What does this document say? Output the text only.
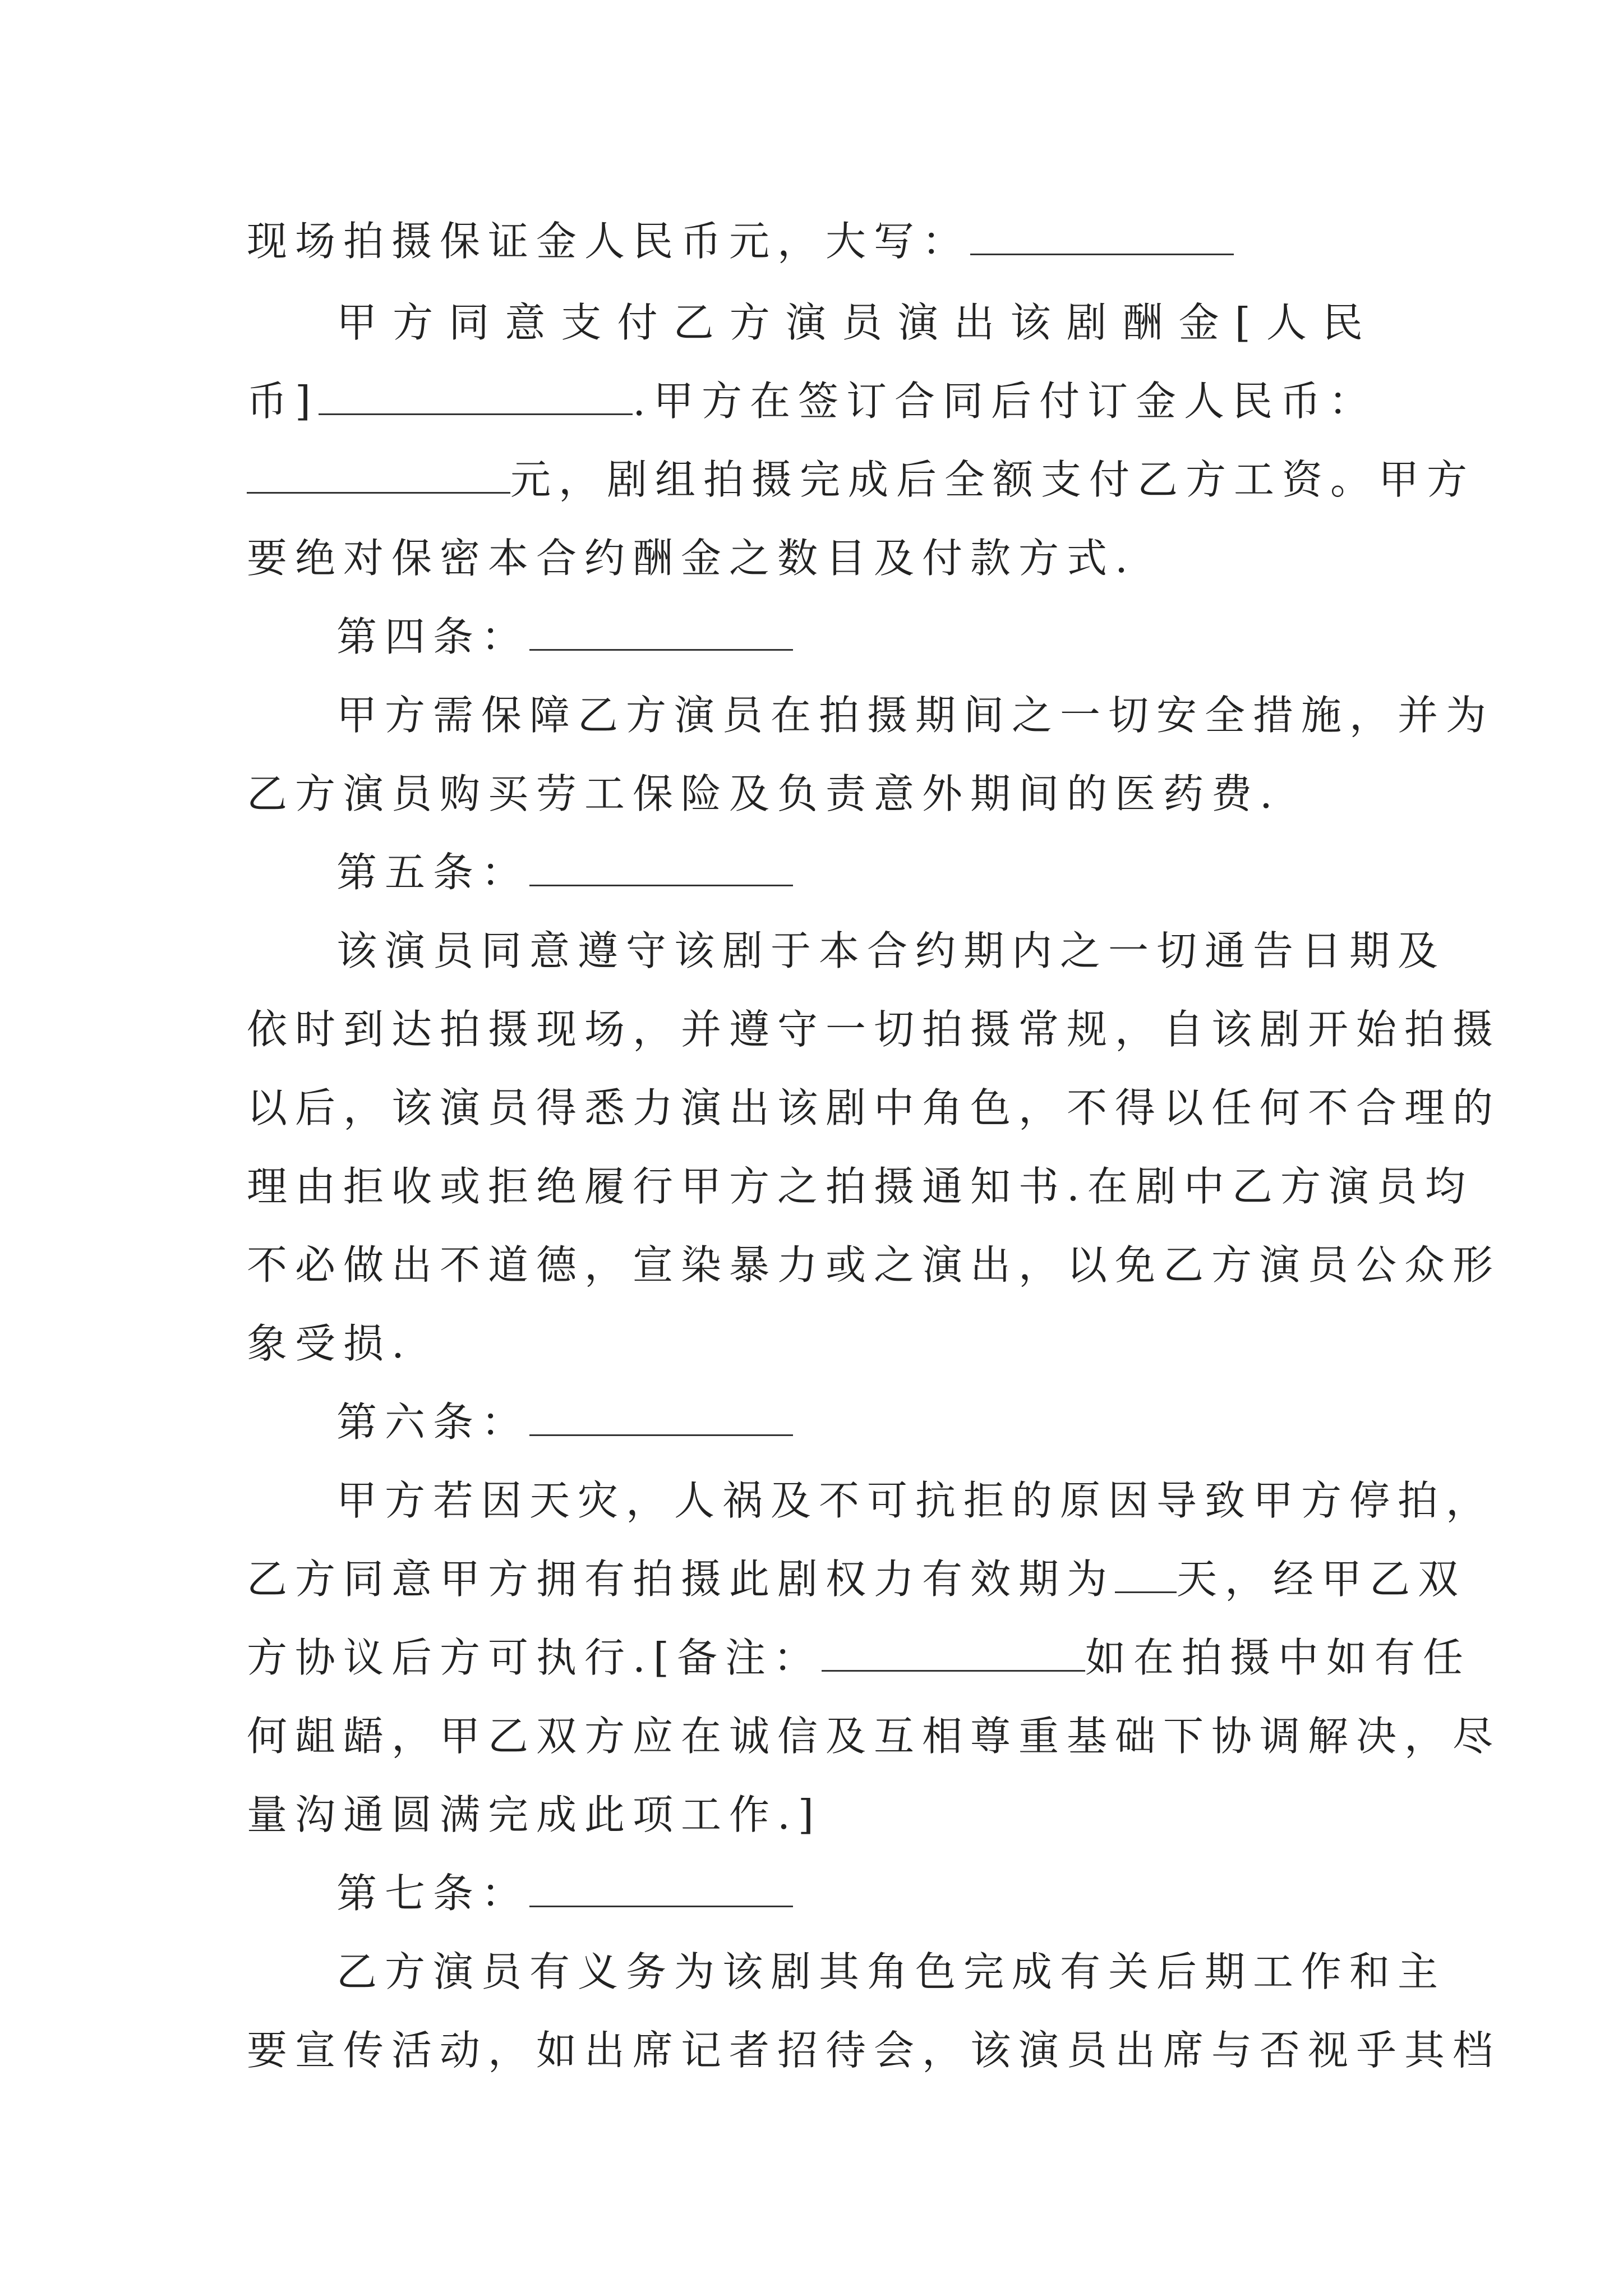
现场拍摄保证金人民币元，大写：
甲方同意支付乙方演员演出该剧酬金[人民
币]	.甲方在签订合同后付订金人民币：
元，剧组拍摄完成后全额支付乙方工资。甲方
要绝对保密本合约酬金之数目及付款方式.
第四条：
甲方需保障乙方演员在拍摄期间之一切安全措施，并为
乙方演员购买劳工保险及负责意外期间的医药费.
第五条：
该演员同意遵守该剧于本合约期内之一切通告日期及
依时到达拍摄现场，并遵守一切拍摄常规，自该剧开始拍摄
以后，该演员得悉力演出该剧中角色，不得以任何不合理的
理由拒收或拒绝履行甲方之拍摄通知书.在剧中乙方演员均
不必做出不道德，宣染暴力或之演出，以免乙方演员公众形
象受损.
第六条：
甲方若因天灾，人祸及不可抗拒的原因导致甲方停拍，
乙方同意甲方拥有拍摄此剧权力有效期为 天，经甲乙双
方协议后方可执行.[备注：	如在拍摄中如有任
何龃龉，甲乙双方应在诚信及互相尊重基础下协调解决，尽
量沟通圆满完成此项工作.]
第七条：
乙方演员有义务为该剧其角色完成有关后期工作和主
要宣传活动，如出席记者招待会，该演员出席与否视乎其档
